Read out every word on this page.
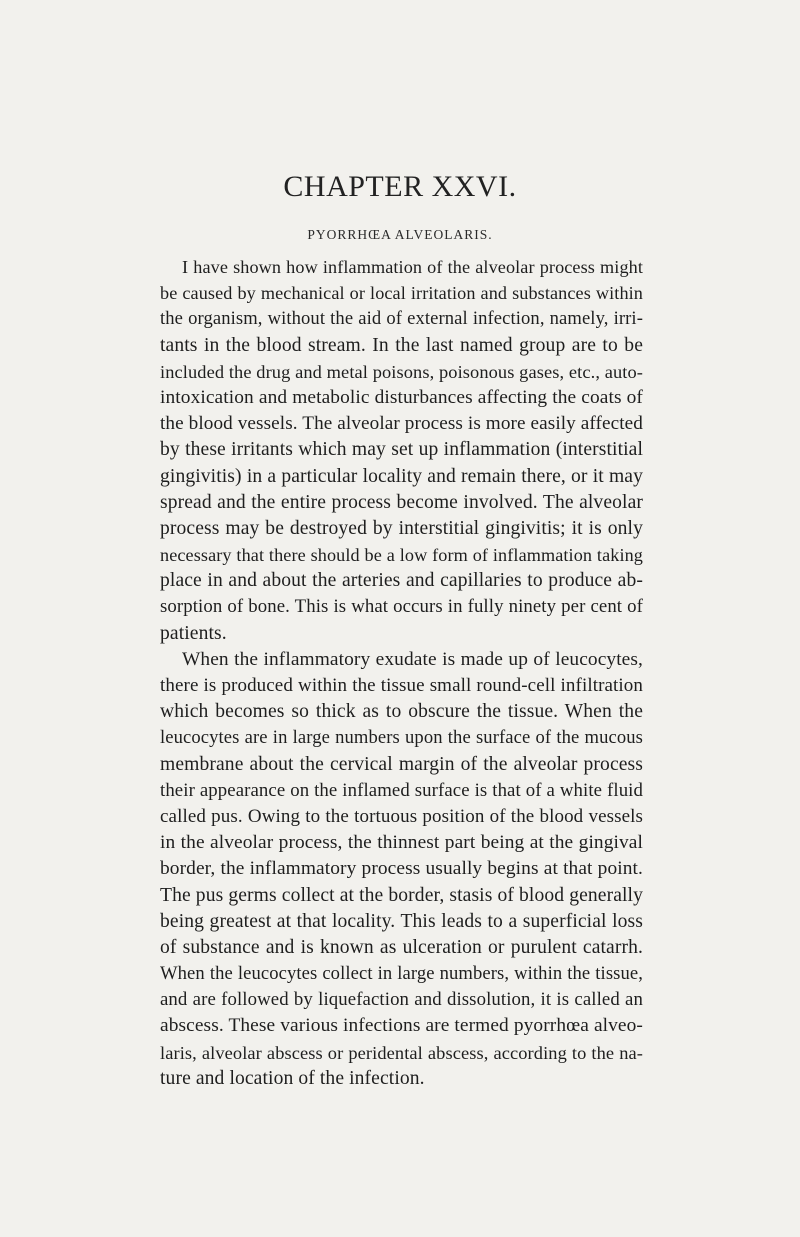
CHAPTER XXVI.
PYORRHŒA ALVEOLARIS.
I have shown how inflammation of the alveolar process might
be caused by mechanical or local irritation and substances within
the organism, without the aid of external infection, namely, irri-
tants in the blood stream. In the last named group are to be
included the drug and metal poisons, poisonous gases, etc., auto-
intoxication and metabolic disturbances affecting the coats of
the blood vessels. The alveolar process is more easily affected
by these irritants which may set up inflammation (interstitial
gingivitis) in a particular locality and remain there, or it may
spread and the entire process become involved. The alveolar
process may be destroyed by interstitial gingivitis; it is only
necessary that there should be a low form of inflammation taking
place in and about the arteries and capillaries to produce ab-
sorption of bone. This is what occurs in fully ninety per cent of
patients.
When the inflammatory exudate is made up of leucocytes,
there is produced within the tissue small round-cell infiltration
which becomes so thick as to obscure the tissue. When the
leucocytes are in large numbers upon the surface of the mucous
membrane about the cervical margin of the alveolar process
their appearance on the inflamed surface is that of a white fluid
called pus. Owing to the tortuous position of the blood vessels
in the alveolar process, the thinnest part being at the gingival
border, the inflammatory process usually begins at that point.
The pus germs collect at the border, stasis of blood generally
being greatest at that locality. This leads to a superficial loss
of substance and is known as ulceration or purulent catarrh.
When the leucocytes collect in large numbers, within the tissue,
and are followed by liquefaction and dissolution, it is called an
abscess. These various infections are termed pyorrhœa alveo-
laris, alveolar abscess or peridental abscess, according to the na-
ture and location of the infection.
